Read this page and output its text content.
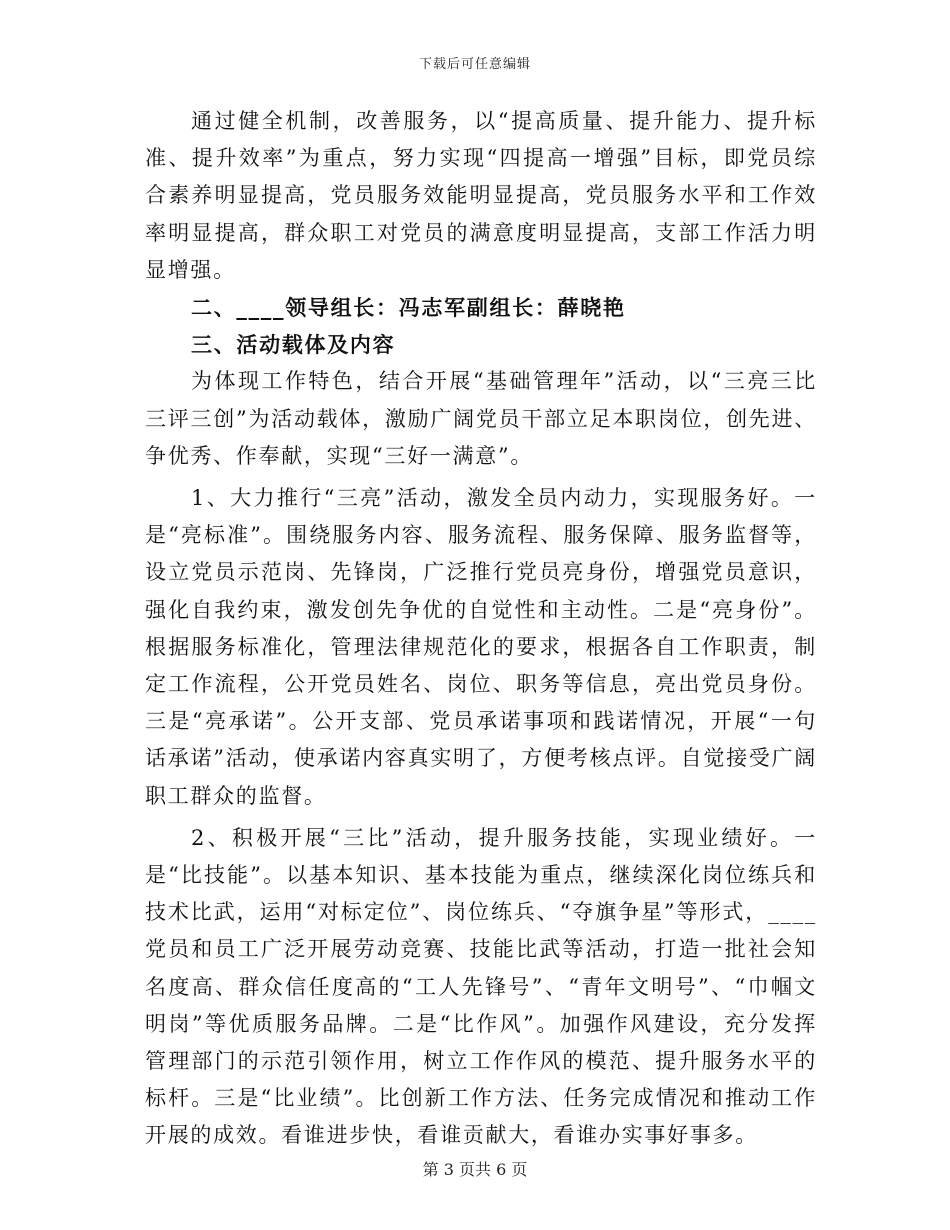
下载后可任意编辑

通过健全机制，改善服务，以“提高质量、提升能力、提升标准、提升效率”为重点，努力实现“四提高一增强”目标，即党员综合素养明显提高，党员服务效能明显提高，党员服务水平和工作效率明显提高，群众职工对党员的满意度明显提高，支部工作活力明显增强。

二、____领导组长：冯志军副组长：薛晓艳

三、活动载体及内容

为体现工作特色，结合开展“基础管理年”活动，以“三亮三比三评三创”为活动载体，激励广阔党员干部立足本职岗位，创先进、争优秀、作奉献，实现“三好一满意”。

1、大力推行“三亮”活动，激发全员内动力，实现服务好。一是“亮标准”。围绕服务内容、服务流程、服务保障、服务监督等，设立党员示范岗、先锋岗，广泛推行党员亮身份，增强党员意识，强化自我约束，激发创先争优的自觉性和主动性。二是“亮身份”。根据服务标准化，管理法律规范化的要求，根据各自工作职责，制定工作流程，公开党员姓名、岗位、职务等信息，亮出党员身份。三是“亮承诺”。公开支部、党员承诺事项和践诺情况，开展“一句话承诺”活动，使承诺内容真实明了，方便考核点评。自觉接受广阔职工群众的监督。

2、积极开展“三比”活动，提升服务技能，实现业绩好。一是“比技能”。以基本知识、基本技能为重点，继续深化岗位练兵和技术比武，运用“对标定位”、岗位练兵、“夺旗争星”等形式，____党员和员工广泛开展劳动竞赛、技能比武等活动，打造一批社会知名度高、群众信任度高的“工人先锋号”、“青年文明号”、“巾帼文明岗”等优质服务品牌。二是“比作风”。加强作风建设，充分发挥管理部门的示范引领作用，树立工作作风的模范、提升服务水平的标杆。三是“比业绩”。比创新工作方法、任务完成情况和推动工作开展的成效。看谁进步快，看谁贡献大，看谁办实事好事多。

第 3 页共 6 页
